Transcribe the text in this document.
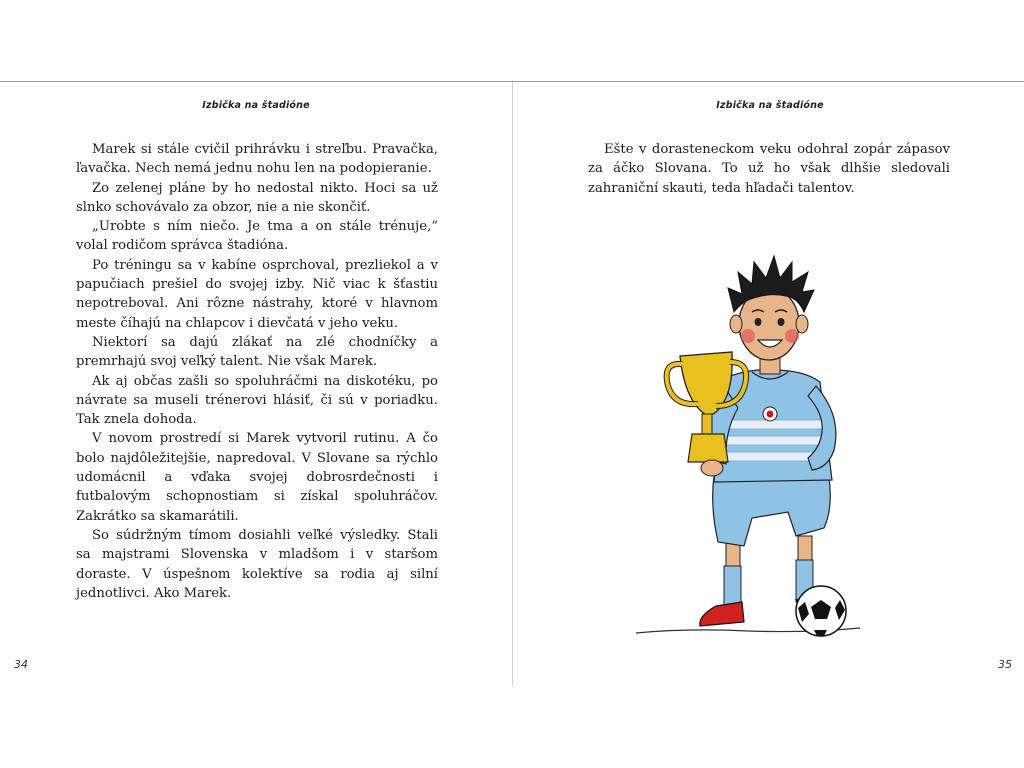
Izbička na štadióne

Marek si stále cvičil prihrávku i streľbu. Pravačka, ľavačka. Nech nemá jednu nohu len na podopieranie.

Zo zelenej pláne by ho nedostal nikto. Hoci sa už slnko schovávalo za obzor, nie a nie skončiť.

„Urobte s ním niečo. Je tma a on stále trénuje,“ volal rodičom správca štadióna.

Po tréningu sa v kabíne osprchoval, prezliekol a v papučiach prešiel do svojej izby. Nič viac k šťastiu nepotreboval. Ani rôzne nástrahy, ktoré v hlavnom meste číhajú na chlapcov i dievčatá v jeho veku.

Niektorí sa dajú zlákať na zlé chodníčky a premrhajú svoj veľký talent. Nie však Marek.

Ak aj občas zašli so spoluhráčmi na diskotéku, po návrate sa museli trénerovi hlásiť, či sú v poriadku. Tak znela dohoda.

V novom prostredí si Marek vytvoril rutinu. A čo bolo najdôležitejšie, napredoval. V Slovane sa rýchlo udomácnil a vďaka svojej dobrosrdečnosti i futbalovým schopnostiam si získal spoluhráčov. Zakrátko sa skamarátili.

So súdržným tímom dosiahli veľké výsledky. Stali sa majstrami Slovenska v mladšom i v staršom doraste. V úspešnom kolektíve sa rodia aj silní jednotlivci. Ako Marek.

34
Izbička na štadióne

Ešte v dorasteneckom veku odohral zopár zápasov za áčko Slovana. To už ho však dlhšie sledovali zahraniční skauti, teda hľadači talentov.

35
